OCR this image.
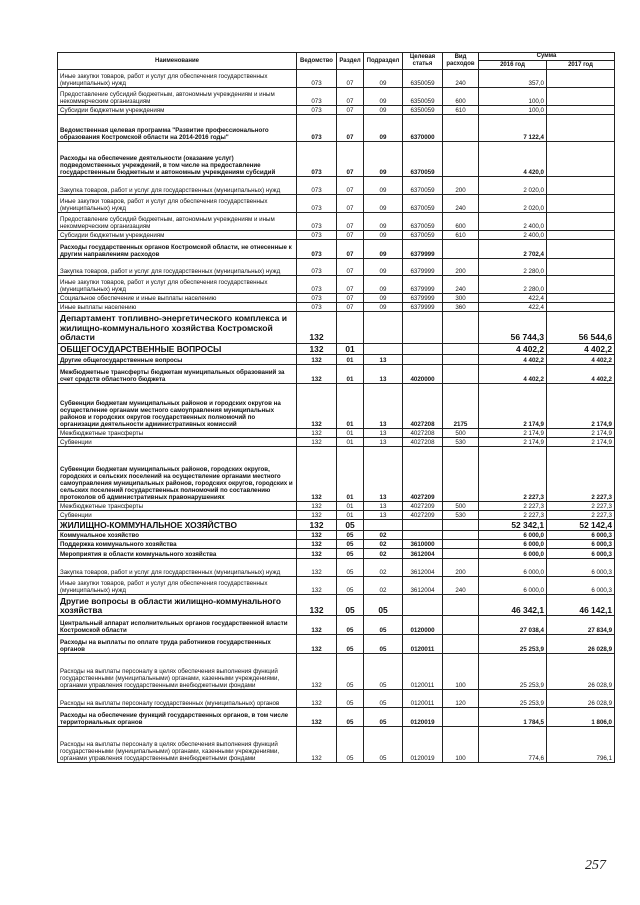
Наименование	Ведомство	Раздел	Подраздел	Целевая статья	Вид расходов	Сумма	
						2016 год	2017 год
Иные закупки товаров, работ и услуг для обеспечения государственных (муниципальных) нужд	073	07	09	6350059	240	357,0	
Предоставление субсидий бюджетным, автономным учреждениям и иным некоммерческим организациям	073	07	09	6350059	600	100,0	
Субсидии бюджетным учреждениям	073	07	09	6350059	610	100,0	
Ведомственная целевая программа "Развитие профессионального образования Костромской области на 2014-2016 годы"	073	07	09	6370000		7 122,4	
Расходы на обеспечение деятельности (оказание услуг) подведомственных учреждений, в том числе на предоставление государственным бюджетным и автономным учреждениям субсидий	073	07	09	6370059		4 420,0	
Закупка товаров, работ и услуг для государственных (муниципальных) нужд	073	07	09	6370059	200	2 020,0	
Иные закупки товаров, работ и услуг для обеспечения государственных (муниципальных) нужд	073	07	09	6370059	240	2 020,0	
Предоставление субсидий бюджетным, автономным учреждениям и иным некоммерческим организациям	073	07	09	6370059	600	2 400,0	
Субсидии бюджетным учреждениям	073	07	09	6370059	610	2 400,0	
Расходы государственных органов Костромской области, не отнесенные к другим направлениям расходов	073	07	09	6379999		2 702,4	
Закупка товаров, работ и услуг для государственных (муниципальных) нужд	073	07	09	6379999	200	2 280,0	
Иные закупки товаров, работ и услуг для обеспечения государственных (муниципальных) нужд	073	07	09	6379999	240	2 280,0	
Социальное обеспечение и иные выплаты населению	073	07	09	6379999	300	422,4	
Иные выплаты населению	073	07	09	6379999	360	422,4	
Департамент топливно-энергетического комплекса и жилищно-коммунального хозяйства Костромской области	132					56 744,3	56 544,6
ОБЩЕГОСУДАРСТВЕННЫЕ ВОПРОСЫ	132	01				4 402,2	4 402,2
Другие общегосударственные вопросы	132	01	13			4 402,2	4 402,2
Межбюджетные трансферты бюджетам муниципальных образований за счет средств областного бюджета	132	01	13	4020000		4 402,2	4 402,2
Субвенции бюджетам муниципальных районов и городских округов на осуществление органами местного самоуправления муниципальных районов и городских округов государственных полномочий по организации деятельности административных комиссий	132	01	13	4027208	2175	2 174,9	2 174,9
Межбюджетные трансферты	132	01	13	4027208	500	2 174,9	2 174,9
Субвенции	132	01	13	4027208	530	2 174,9	2 174,9
Субвенции бюджетам муниципальных районов, городских округов, городских и сельских поселений на осуществление органами местного самоуправления муниципальных районов, городских округов, городских и сельских поселений государственных полномочий по составлению протоколов об административных правонарушениях	132	01	13	4027209		2 227,3	2 227,3
Межбюджетные трансферты	132	01	13	4027209	500	2 227,3	2 227,3
Субвенции	132	01	13	4027209	530	2 227,3	2 227,3
ЖИЛИЩНО-КОММУНАЛЬНОЕ ХОЗЯЙСТВО	132	05				52 342,1	52 142,4
Коммунальное хозяйство	132	05	02			6 000,0	6 000,3
Поддержка коммунального хозяйства	132	05	02	3610000		6 000,0	6 000,3
Мероприятия в области коммунального хозяйства	132	05	02	3612004		6 000,0	6 000,3
Закупка товаров, работ и услуг для государственных (муниципальных) нужд	132	05	02	3612004	200	6 000,0	6 000,3
Иные закупки товаров, работ и услуг для обеспечения государственных (муниципальных) нужд	132	05	02	3612004	240	6 000,0	6 000,3
Другие вопросы в области жилищно-коммунального хозяйства	132	05	05			46 342,1	46 142,1
Центральный аппарат исполнительных органов государственной власти Костромской области	132	05	05	0120000		27 038,4	27 834,9
Расходы на выплаты по оплате труда работников государственных органов	132	05	05	0120011		25 253,9	26 028,9
Расходы на выплаты персоналу в целях обеспечения выполнения функций государственными (муниципальными) органами, казенными учреждениями, органами управления государственными внебюджетными фондами	132	05	05	0120011	100	25 253,9	26 028,9
Расходы на выплаты персоналу государственных (муниципальных) органов	132	05	05	0120011	120	25 253,9	26 028,9
Расходы на обеспечение функций государственных органов, в том числе территориальных органов	132	05	05	0120019		1 784,5	1 806,0
Расходы на выплаты персоналу в целях обеспечения выполнения функций государственными (муниципальными) органами, казенными учреждениями, органами управления государственными внебюджетными фондами	132	05	05	0120019	100	774,6	796,1
257
